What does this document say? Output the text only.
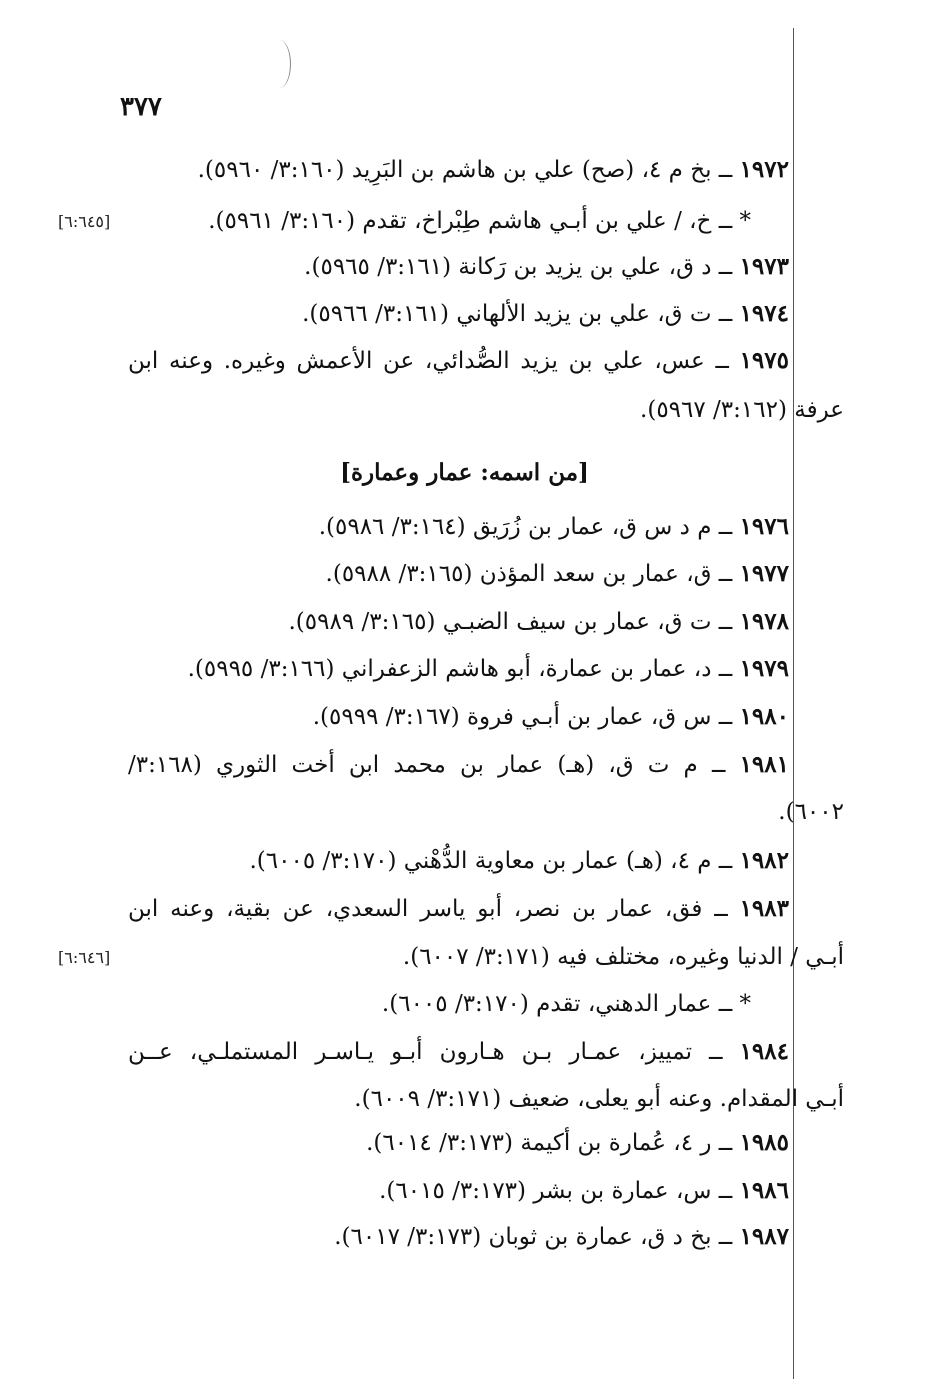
٣٧٧
١٩٧٢ ــ بخ م ٤، (صح) علي بن هاشم بن البَرِيد (٣:١٦٠/ ٥٩٦٠).
* ــ خ، / علي بن أبـي هاشم طِبْراخ، تقدم (٣:١٦٠/ ٥٩٦١).
[٦:٦٤٥]
١٩٧٣ ــ د ق، علي بن يزيد بن رَكانة (٣:١٦١/ ٥٩٦٥).
١٩٧٤ ــ ت ق، علي بن يزيد الألهاني (٣:١٦١/ ٥٩٦٦).
١٩٧٥ ــ عس، علي بن يزيد الصُّدائي، عن الأعمش وغيره. وعنه ابن
عرفة (٣:١٦٢/ ٥٩٦٧).
[من اسمه: عمار وعمارة]
١٩٧٦ ــ م د س ق، عمار بن زُرَيق (٣:١٦٤/ ٥٩٨٦).
١٩٧٧ ــ ق، عمار بن سعد المؤذن (٣:١٦٥/ ٥٩٨٨).
١٩٧٨ ــ ت ق، عمار بن سيف الضبـي (٣:١٦٥/ ٥٩٨٩).
١٩٧٩ ــ د، عمار بن عمارة، أبو هاشم الزعفراني (٣:١٦٦/ ٥٩٩٥).
١٩٨٠ ــ س ق، عمار بن أبـي فروة (٣:١٦٧/ ٥٩٩٩).
١٩٨١ ــ م ت ق، (هـ) عمار بن محمد ابن أخت الثوري (٣:١٦٨/
٦٠٠٢).
١٩٨٢ ــ م ٤، (هـ) عمار بن معاوية الدُّهْني (٣:١٧٠/ ٦٠٠٥).
١٩٨٣ ــ فق، عمار بن نصر، أبو ياسر السعدي، عن بقية، وعنه ابن
أبـي / الدنيا وغيره، مختلف فيه (٣:١٧١/ ٦٠٠٧).
[٦:٦٤٦]
* ــ عمار الدهني، تقدم (٣:١٧٠/ ٦٠٠٥).
١٩٨٤ ــ تمييز، عمـار بـن هـارون أبـو يـاسـر المستملـي، عــن
أبـي المقدام. وعنه أبو يعلى، ضعيف (٣:١٧١/ ٦٠٠٩).
١٩٨٥ ــ ر ٤، عُمارة بن أكيمة (٣:١٧٣/ ٦٠١٤).
١٩٨٦ ــ س، عمارة بن بشر (٣:١٧٣/ ٦٠١٥).
١٩٨٧ ــ بخ د ق، عمارة بن ثوبان (٣:١٧٣/ ٦٠١٧).
